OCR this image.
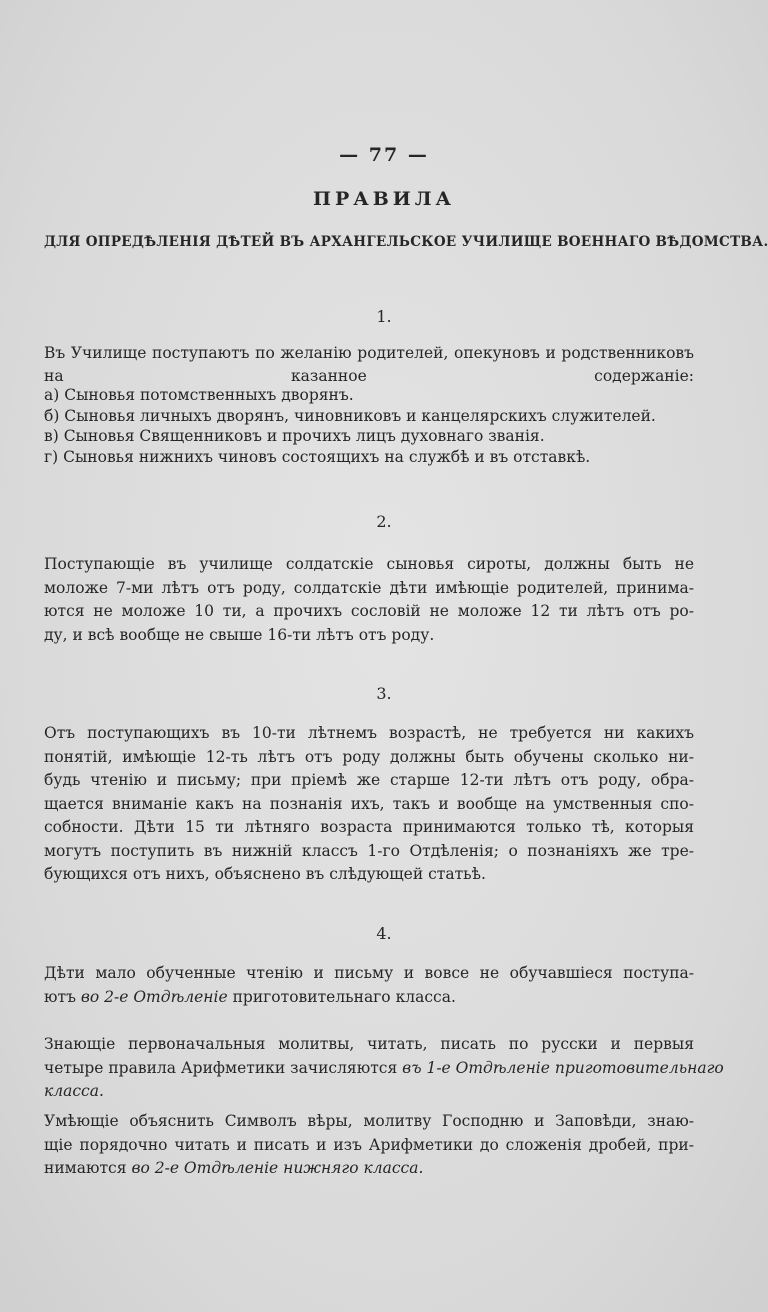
— 77 —
ПРАВИЛА
ДЛЯ ОПРЕДѢЛЕНІЯ ДѢТЕЙ ВЪ АРХАНГЕЛЬСКОЕ УЧИЛИЩЕ ВОЕННАГО ВѢДОМСТВА.
1.
Въ Училище поступаютъ по желанію родителей, опекуновъ и родственниковъ на казанное содержаніе:
а) Сыновья потомственныхъ дворянъ.
б) Сыновья личныхъ дворянъ, чиновниковъ и канцелярскихъ служителей.
в) Сыновья Священниковъ и прочихъ лицъ духовнаго званія.
г) Сыновья нижнихъ чиновъ состоящихъ на службѣ и въ отставкѣ.
2.
Поступающіе въ училище солдатскіе сыновья сироты, должны быть не
моложе 7-ми лѣтъ отъ роду, солдатскіе дѣти имѣющіе родителей, принима-
ются не моложе 10 ти, а прочихъ сословій не моложе 12 ти лѣтъ отъ ро-
ду, и всѣ вообще не свыше 16-ти лѣтъ отъ роду.
3.
Отъ поступающихъ въ 10-ти лѣтнемъ возрастѣ, не требуется ни какихъ
понятій, имѣющіе 12-ть лѣтъ отъ роду должны быть обучены сколько ни-
будь чтенію и письму; при пріемѣ же старше 12-ти лѣтъ отъ роду, обра-
щается вниманіе какъ на познанія ихъ, такъ и вообще на умственныя спо-
собности. Дѣти 15 ти лѣтняго возраста принимаются только тѣ, которыя
могутъ поступить въ нижній классъ 1-го Отдѣленія; о познаніяхъ же тре-
бующихся отъ нихъ, объяснено въ слѣдующей статьѣ.
4.
Дѣти мало обученные чтенію и письму и вовсе не обучавшіеся поступа-
ютъ во 2-е Отдѣленіе приготовительнаго класса.
Знающіе первоначальныя молитвы, читать, писать по русски и первыя
четыре правила Арифметики зачисляются въ 1-е Отдѣленіе приготовительнаго
класса.
Умѣющіе объяснить Символъ вѣры, молитву Господню и Заповѣди, знаю-
щіе порядочно читать и писать и изъ Арифметики до сложенія дробей, при-
нимаются во 2-е Отдѣленіе нижняго класса.
